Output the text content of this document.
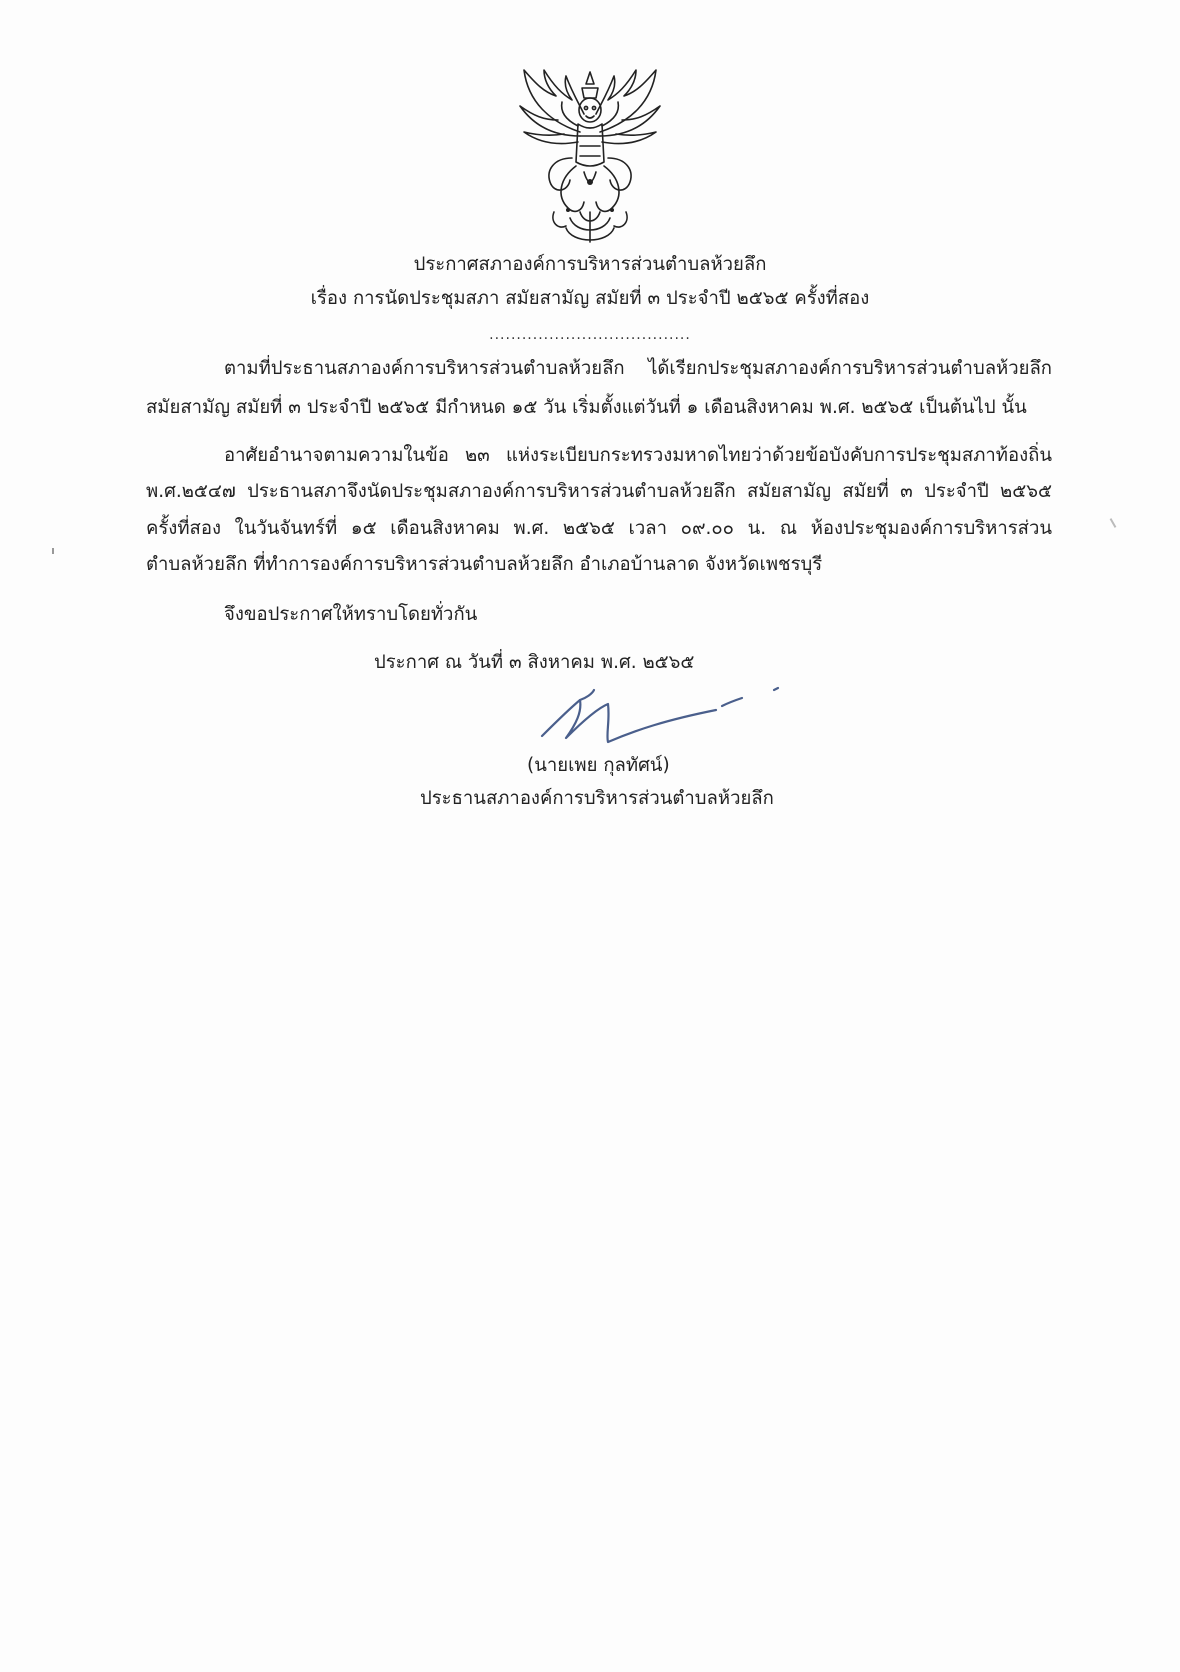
ประกาศสภาองค์การบริหารส่วนตำบลห้วยลึก
เรื่อง การนัดประชุมสภา สมัยสามัญ สมัยที่ ๓ ประจำปี ๒๕๖๕ ครั้งที่สอง
.....................................
ตามที่ประธานสภาองค์การบริหารส่วนตำบลห้วยลึก ได้เรียกประชุมสภาองค์การบริหารส่วนตำบลห้วยลึก
สมัยสามัญ สมัยที่ ๓ ประจำปี ๒๕๖๕ มีกำหนด ๑๕ วัน เริ่มตั้งแต่วันที่ ๑ เดือนสิงหาคม พ.ศ. ๒๕๖๕ เป็นต้นไป นั้น
อาศัยอำนาจตามความในข้อ ๒๓ แห่งระเบียบกระทรวงมหาดไทยว่าด้วยข้อบังคับการประชุมสภาท้องถิ่น
พ.ศ.๒๕๔๗ ประธานสภาจึงนัดประชุมสภาองค์การบริหารส่วนตำบลห้วยลึก สมัยสามัญ สมัยที่ ๓ ประจำปี ๒๕๖๕
ครั้งที่สอง ในวันจันทร์ที่ ๑๕ เดือนสิงหาคม พ.ศ. ๒๕๖๕ เวลา ๐๙.๐๐ น. ณ ห้องประชุมองค์การบริหารส่วน
ตำบลห้วยลึก ที่ทำการองค์การบริหารส่วนตำบลห้วยลึก อำเภอบ้านลาด จังหวัดเพชรบุรี
จึงขอประกาศให้ทราบโดยทั่วกัน
ประกาศ ณ วันที่ ๓ สิงหาคม พ.ศ. ๒๕๖๕
(นายเพย กุลทัศน์)
ประธานสภาองค์การบริหารส่วนตำบลห้วยลึก
